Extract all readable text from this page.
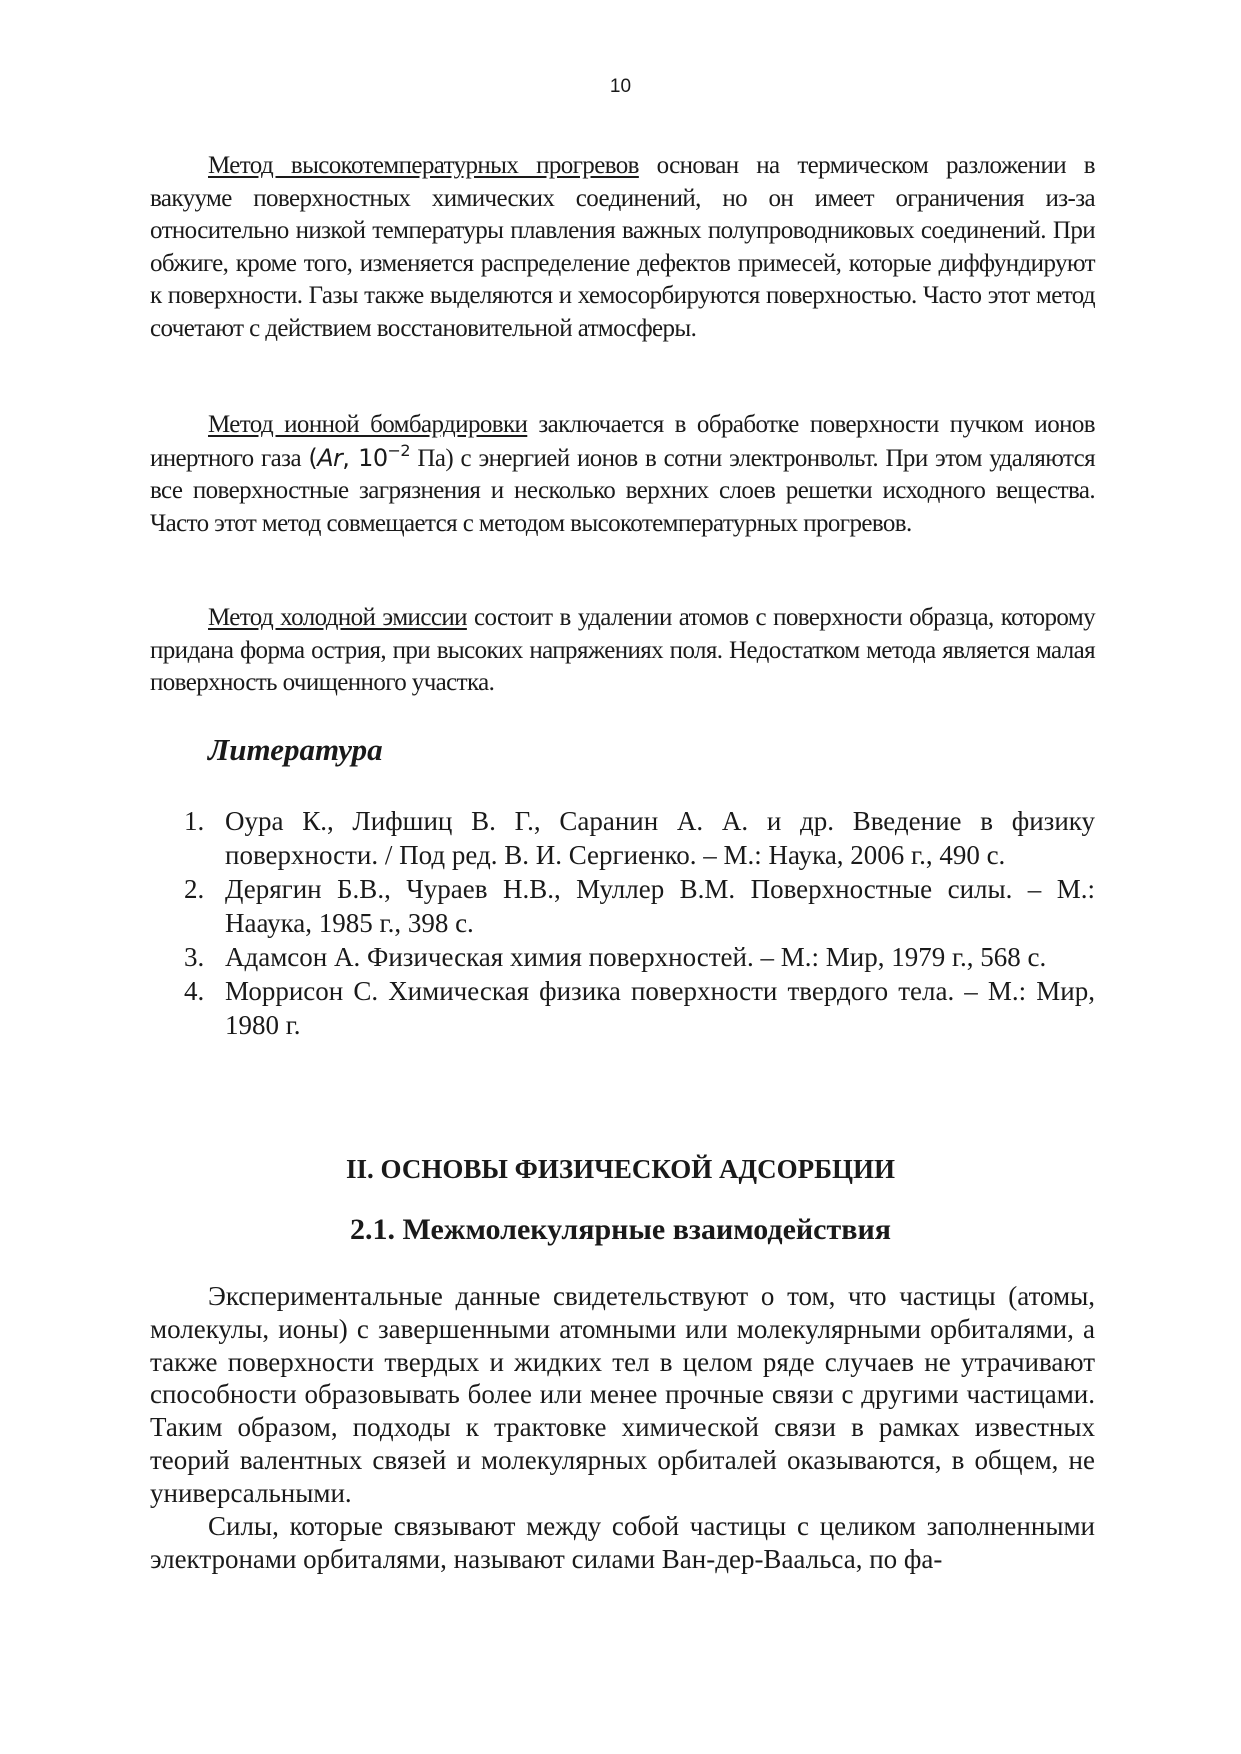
10

Метод высокотемпературных прогревов основан на термическом разложении в вакууме поверхностных химических соединений, но он имеет ограничения из-за относительно низкой температуры плавления важных полупроводниковых соединений. При обжиге, кроме того, изменяется распределение дефектов примесей, которые диффундируют к поверхности. Газы также выделяются и хемосорбируются поверхностью. Часто этот метод сочетают с действием восстановительной атмосферы.

Метод ионной бомбардировки заключается в обработке поверхности пучком ионов инертного газа (Ar, $10^{-2}$ Па) с энергией ионов в сотни электронвольт. При этом удаляются все поверхностные загрязнения и несколько верхних слоев решетки исходного вещества. Часто этот метод совмещается с методом высокотемпературных прогревов.

Метод холодной эмиссии состоит в удалении атомов с поверхности образца, которому придана форма острия, при высоких напряжениях поля. Недостатком метода является малая поверхность очищенного участка.

Литература
1. Оура К., Лифшиц В. Г., Саранин А. А. и др. Введение в физику поверхности. / Под ред. В. И. Сергиенко. – М.: Наука, 2006 г., 490 с.
2. Дерягин Б.В., Чураев Н.В., Муллер В.М. Поверхностные силы. – М.: Нааука, 1985 г., 398 с.
3. Адамсон А. Физическая химия поверхностей. – М.: Мир, 1979 г., 568 с.
4. Моррисон С. Химическая физика поверхности твердого тела. – М.: Мир, 1980 г.
II. ОСНОВЫ ФИЗИЧЕСКОЙ АДСОРБЦИИ
2.1. Межмолекулярные взаимодействия

Экспериментальные данные свидетельствуют о том, что частицы (атомы, молекулы, ионы) с завершенными атомными или молекулярными орбиталями, а также поверхности твердых и жидких тел в целом ряде случаев не утрачивают способности образовывать более или менее прочные связи с другими частицами. Таким образом, подходы к трактовке химической связи в рамках известных теорий валентных связей и молекулярных орбиталей оказываются, в общем, не универсальными.

Силы, которые связывают между собой частицы с целиком заполненными электронами орбиталями, называют силами Ван-дер-Ваальса, по фа-
